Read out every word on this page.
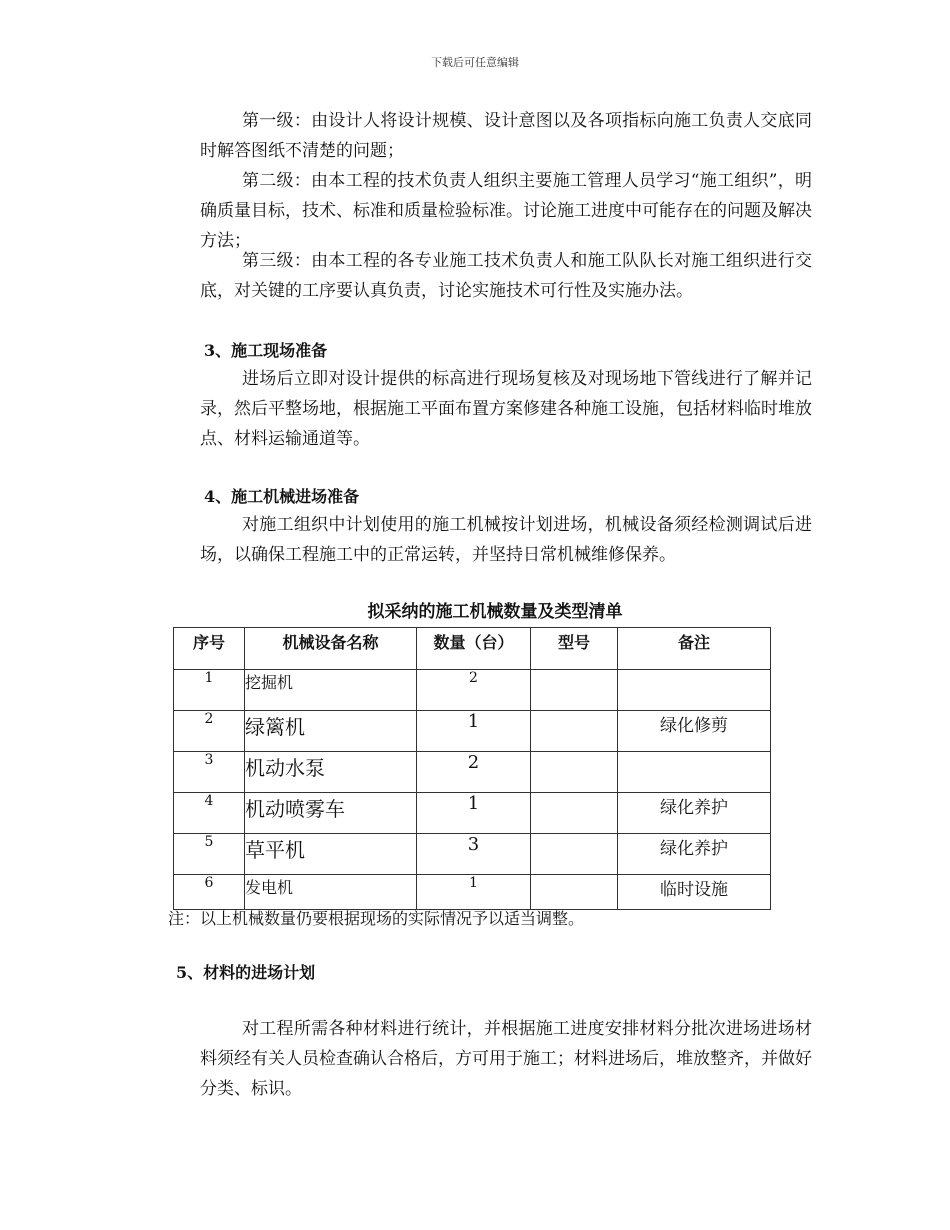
下载后可任意编辑

第一级：由设计人将设计规模、设计意图以及各项指标向施工负责人交底同时解答图纸不清楚的问题；

第二级：由本工程的技术负责人组织主要施工管理人员学习“施工组织”，明确质量目标，技术、标准和质量检验标准。讨论施工进度中可能存在的问题及解决方法；

第三级：由本工程的各专业施工技术负责人和施工队队长对施工组织进行交底，对关键的工序要认真负责，讨论实施技术可行性及实施办法。

3、施工现场准备

进场后立即对设计提供的标高进行现场复核及对现场地下管线进行了解并记录，然后平整场地，根据施工平面布置方案修建各种施工设施，包括材料临时堆放点、材料运输通道等。

4、施工机械进场准备

对施工组织中计划使用的施工机械按计划进场，机械设备须经检测调试后进场，以确保工程施工中的正常运转，并坚持日常机械维修保养。

拟采纳的施工机械数量及类型清单
序号	机械设备名称	数量（台）	型号	备注
1	挖掘机	2		
2	绿篱机	1		绿化修剪
3	机动水泵	2		
4	机动喷雾车	1		绿化养护
5	草平机	3		绿化养护
6	发电机	1		临时设施

注：以上机械数量仍要根据现场的实际情况予以适当调整。

5、材料的进场计划

对工程所需各种材料进行统计，并根据施工进度安排材料分批次进场进场材料须经有关人员检查确认合格后，方可用于施工；材料进场后，堆放整齐，并做好分类、标识。
